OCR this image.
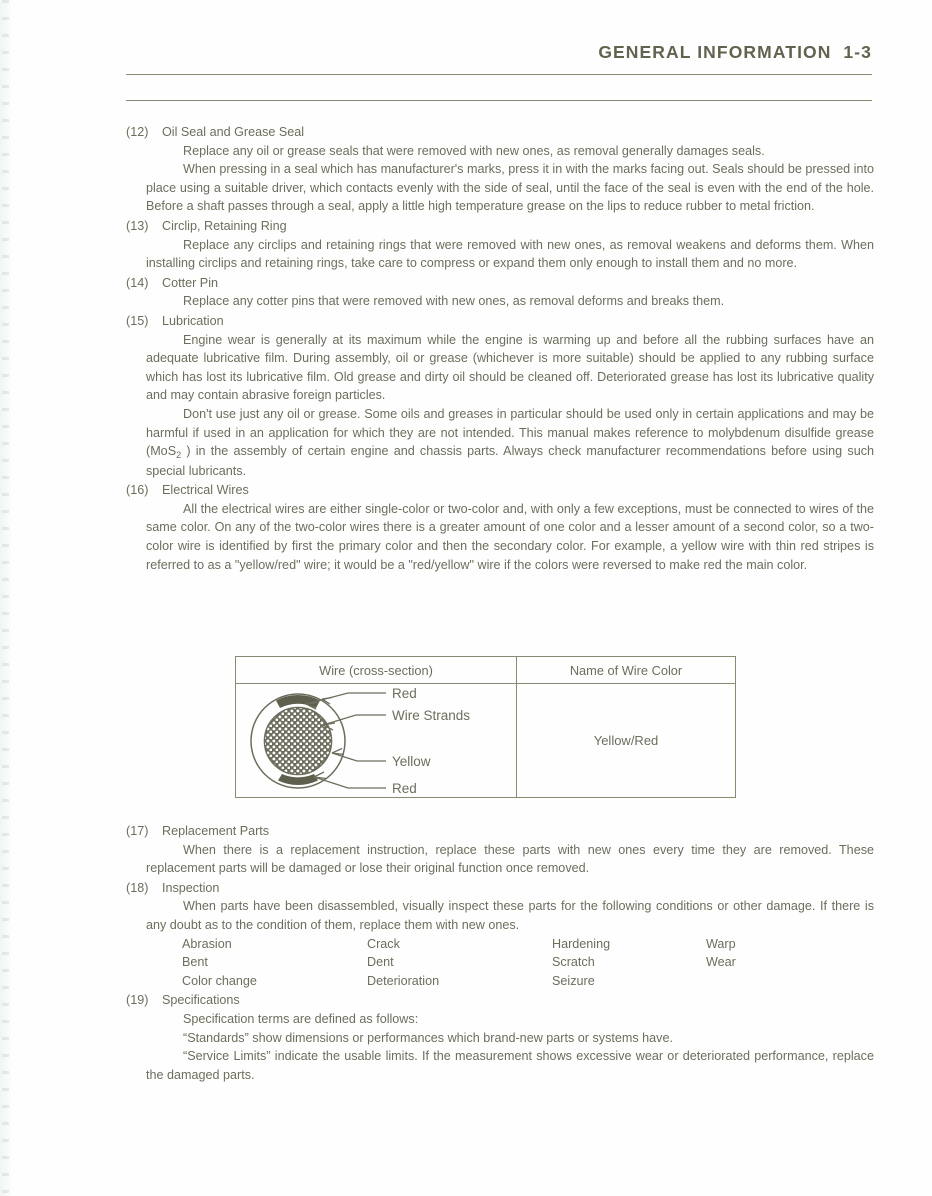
GENERAL INFORMATION  1-3
(12)	Oil Seal and Grease Seal
Replace any oil or grease seals that were removed with new ones, as removal generally damages seals.
When pressing in a seal which has manufacturer's marks, press it in with the marks facing out. Seals should be pressed into place using a suitable driver, which contacts evenly with the side of seal, until the face of the seal is even with the end of the hole. Before a shaft passes through a seal, apply a little high temperature grease on the lips to reduce rubber to metal friction.
(13)	Circlip, Retaining Ring
Replace any circlips and retaining rings that were removed with new ones, as removal weakens and deforms them. When installing circlips and retaining rings, take care to compress or expand them only enough to install them and no more.
(14)	Cotter Pin
Replace any cotter pins that were removed with new ones, as removal deforms and breaks them.
(15)	Lubrication
Engine wear is generally at its maximum while the engine is warming up and before all the rubbing surfaces have an adequate lubricative film. During assembly, oil or grease (whichever is more suitable) should be applied to any rubbing surface which has lost its lubricative film. Old grease and dirty oil should be cleaned off. Deteriorated grease has lost its lubricative quality and may contain abrasive foreign particles.
Don't use just any oil or grease. Some oils and greases in particular should be used only in certain applications and may be harmful if used in an application for which they are not intended. This manual makes reference to molybdenum disulfide grease (MoS$_2$ ) in the assembly of certain engine and chassis parts. Always check manufacturer recommendations before using such special lubricants.
(16)	Electrical Wires
All the electrical wires are either single-color or two-color and, with only a few exceptions, must be connected to wires of the same color. On any of the two-color wires there is a greater amount of one color and a lesser amount of a second color, so a two-color wire is identified by first the primary color and then the secondary color. For example, a yellow wire with thin red stripes is referred to as a "yellow/red" wire; it would be a "red/yellow" wire if the colors were reversed to make red the main color.
Wire (cross-section)	Name of Wire Color

Red
Wire Strands
Yellow
Red	Yellow/Red
(17)	Replacement Parts
When there is a replacement instruction, replace these parts with new ones every time they are removed. These replacement parts will be damaged or lose their original function once removed.
(18)	Inspection
When parts have been disassembled, visually inspect these parts for the following conditions or other damage. If there is any doubt as to the condition of them, replace them with new ones.
Abrasion	Crack	Hardening	Warp
Bent	Dent	Scratch	Wear
Color change	Deterioration	Seizure
(19)	Specifications
Specification terms are defined as follows:
“Standards” show dimensions or performances which brand-new parts or systems have.
“Service Limits” indicate the usable limits. If the measurement shows excessive wear or deteriorated performance, replace the damaged parts.
